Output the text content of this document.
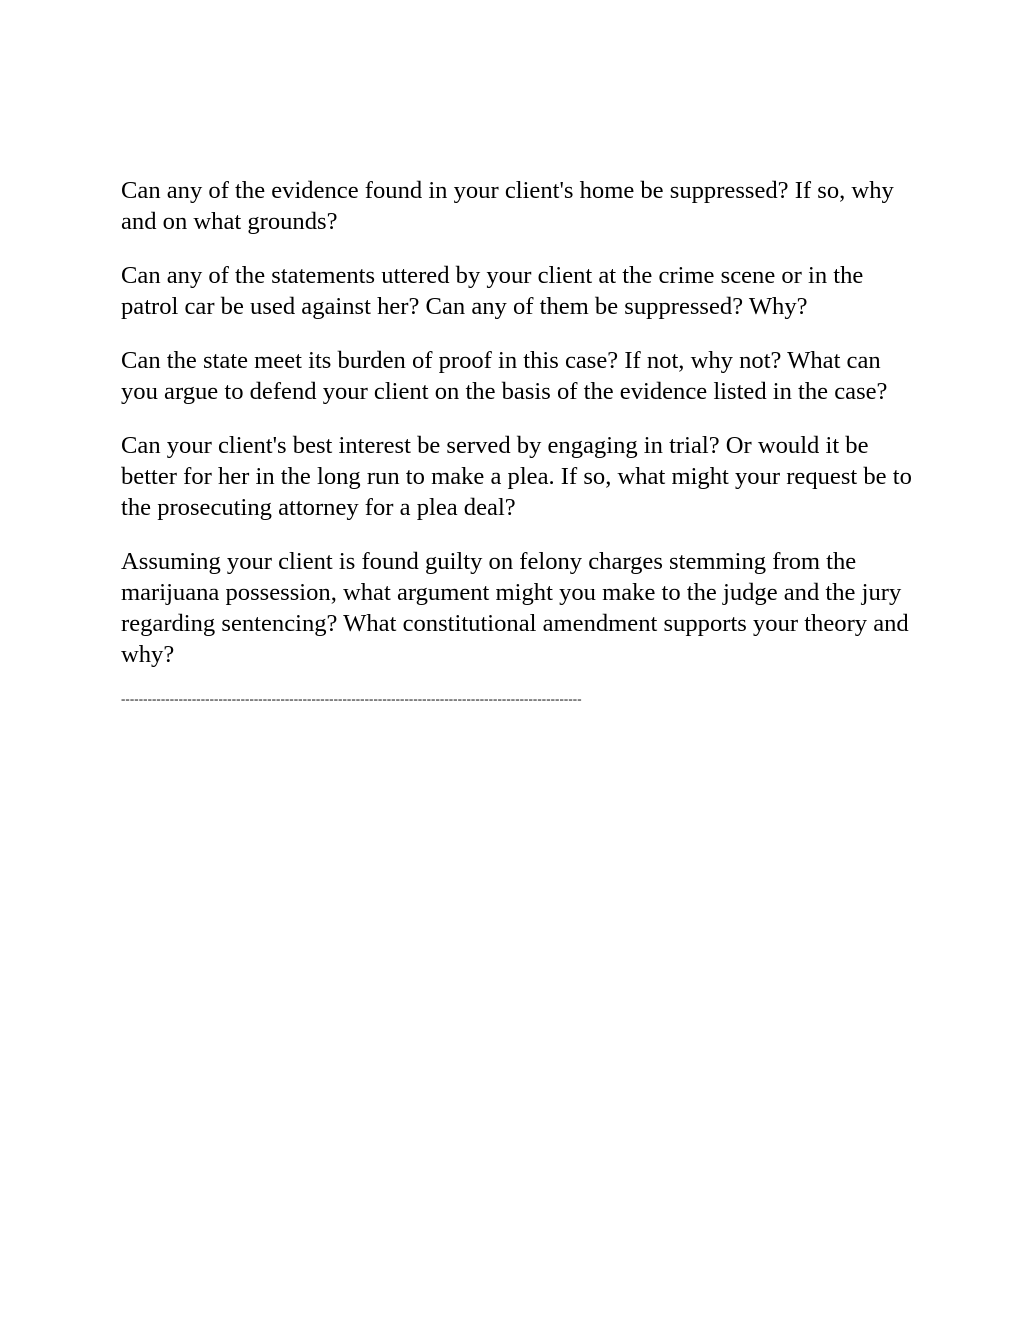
Can any of the evidence found in your client's home be suppressed? If so, why and on what grounds?

Can any of the statements uttered by your client at the crime scene or in the patrol car be used against her? Can any of them be suppressed? Why?

Can the state meet its burden of proof in this case? If not, why not? What can you argue to defend your client on the basis of the evidence listed in the case?

Can your client's best interest be served by engaging in trial? Or would it be better for her in the long run to make a plea. If so, what might your request be to the prosecuting attorney for a plea deal?

Assuming your client is found guilty on felony charges stemming from the marijuana possession, what argument might you make to the judge and the jury regarding sentencing? What constitutional amendment supports your theory and why?

--------------------------------------------------------------------------------------------------------
